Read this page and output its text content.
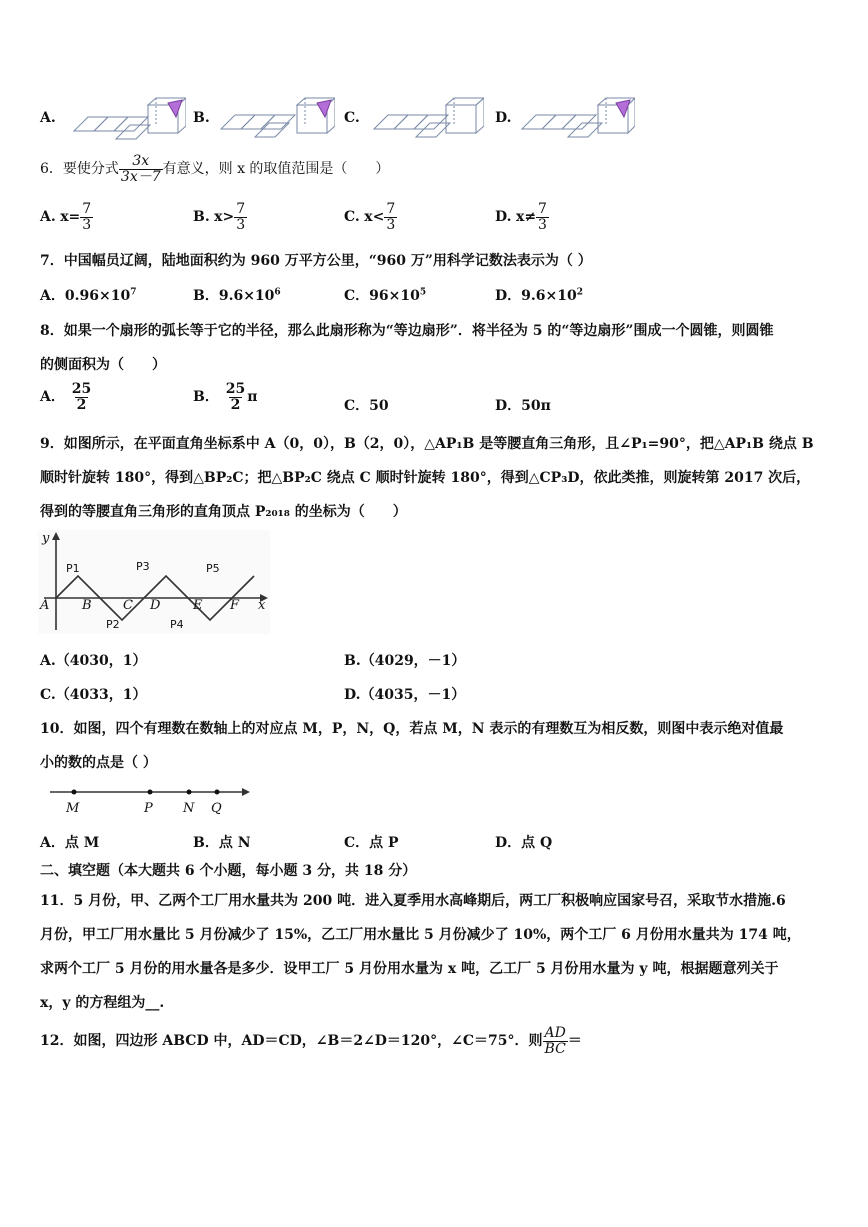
A.	B.	C.	D.
6．要使分式 $\frac{3x}{3x-7}$ 有意义，则 x 的取值范围是（　　）
A. $x= \frac{7}{3}$	B. $x> \frac{7}{3}$	C. $x< \frac{7}{3}$	D. $x\ne \frac{7}{3}$
7．中国幅员辽阔，陆地面积约为 960 万平方公里，“960 万”用科学记数法表示为（ ）
A．$0.96\times 10^7$	B．$9.6\times 10^6$	C．$96\times 10^5$	D．$9.6\times 10^2$
8．如果一个扇形的弧长等于它的半径，那么此扇形称为“等边扇形”．将半径为 5 的“等边扇形”围成一个圆锥，则圆锥
的侧面积为（　　）
A． $\frac{25}{2}$	B． $\frac{25}{2}$ π
C．50	D．50π
9．如图所示，在平面直角坐标系中 A（0，0），B（2，0），△AP₁B 是等腰直角三角形，且∠P₁=90°，把△AP₁B 绕点 B
顺时针旋转 180°，得到△BP₂C；把△BP₂C 绕点 C 顺时针旋转 180°，得到△CP₃D，依此类推，则旋转第 2017 次后，
得到的等腰直角三角形的直角顶点 P₂₀₁₈ 的坐标为（　　）
y
x
A	B C D	E F
P1
P2
P3
P4
P5
A.（4030，1）	B.（4029，－1）
C.（4033，1）	D.（4035，－1）
10．如图，四个有理数在数轴上的对应点 M，P，N，Q，若点 M，N 表示的有理数互为相反数，则图中表示绝对值最
小的数的点是（ ）
M	P N Q
A．点 M	B．点 N	C．点 P	D．点 Q
二、填空题（本大题共 6 个小题，每小题 3 分，共 18 分）
11．5 月份，甲、乙两个工厂用水量共为 200 吨．进入夏季用水高峰期后，两工厂积极响应国家号召，采取节水措施.6
月份，甲工厂用水量比 5 月份减少了 15%，乙工厂用水量比 5 月份减少了 10%，两个工厂 6 月份用水量共为 174 吨，
求两个工厂 5 月份的用水量各是多少．设甲工厂 5 月份用水量为 x 吨，乙工厂 5 月份用水量为 y 吨，根据题意列关于
x，y 的方程组为__.
12．如图，四边形 ABCD 中，AD＝CD，∠B＝2∠D＝120°，∠C＝75°．则 $\frac{AD}{BC}$ ＝
